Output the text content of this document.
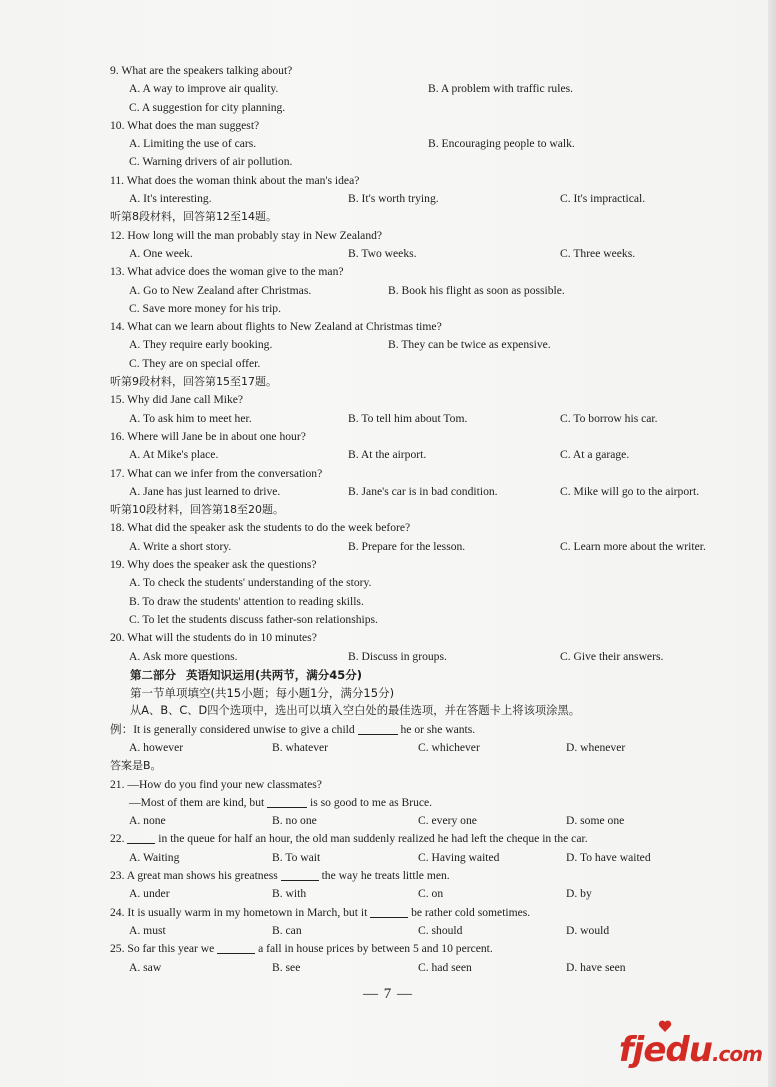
9. What are the speakers talking about?
A. A way to improve air quality.	B. A problem with traffic rules.
C. A suggestion for city planning.
10. What does the man suggest?
A. Limiting the use of cars.	B. Encouraging people to walk.
C. Warning drivers of air pollution.
11. What does the woman think about the man's idea?
A. It's interesting.	B. It's worth trying.	C. It's impractical.
听第8段材料，回答第12至14题。
12. How long will the man probably stay in New Zealand?
A. One week.	B. Two weeks.	C. Three weeks.
13. What advice does the woman give to the man?
A. Go to New Zealand after Christmas.	B. Book his flight as soon as possible.
C. Save more money for his trip.
14. What can we learn about flights to New Zealand at Christmas time?
A. They require early booking.	B. They can be twice as expensive.
C. They are on special offer.
听第9段材料，回答第15至17题。
15. Why did Jane call Mike?
A. To ask him to meet her.	B. To tell him about Tom.	C. To borrow his car.
16. Where will Jane be in about one hour?
A. At Mike's place.	B. At the airport.	C. At a garage.
17. What can we infer from the conversation?
A. Jane has just learned to drive.	B. Jane's car is in bad condition.	C. Mike will go to the airport.
听第10段材料，回答第18至20题。
18. What did the speaker ask the students to do the week before?
A. Write a short story.	B. Prepare for the lesson.	C. Learn more about the writer.
19. Why does the speaker ask the questions?
A. To check the students' understanding of the story.
B. To draw the students' attention to reading skills.
C. To let the students discuss father-son relationships.
20. What will the students do in 10 minutes?
A. Ask more questions.	B. Discuss in groups.	C. Give their answers.
第二部分 英语知识运用(共两节，满分45分)
第一节单项填空(共15小题；每小题1分，满分15分)
从A、B、C、D四个选项中，选出可以填入空白处的最佳选项，并在答题卡上将该项涂黑。
例：It is generally considered unwise to give a child	he or she wants.
A. however	B. whatever	C. whichever	D. whenever
答案是B。
21. —How do you find your new classmates?
—Most of them are kind, but	is so good to me as Bruce.
A. none	B. no one	C. every one	D. some one
22.  in the queue for half an hour, the old man suddenly realized he had left the cheque in the car.
A. Waiting	B. To wait	C. Having waited	D. To have waited
23. A great man shows his greatness	the way he treats little men.
A. under	B. with	C. on	D. by
24. It is usually warm in my hometown in March, but it	be rather cold sometimes.
A. must	B. can	C. should	D. would
25. So far this year we	a fall in house prices by between 5 and 10 percent.
A. saw	B. see	C. had seen	D. have seen
— 7 —
fjedu.com
